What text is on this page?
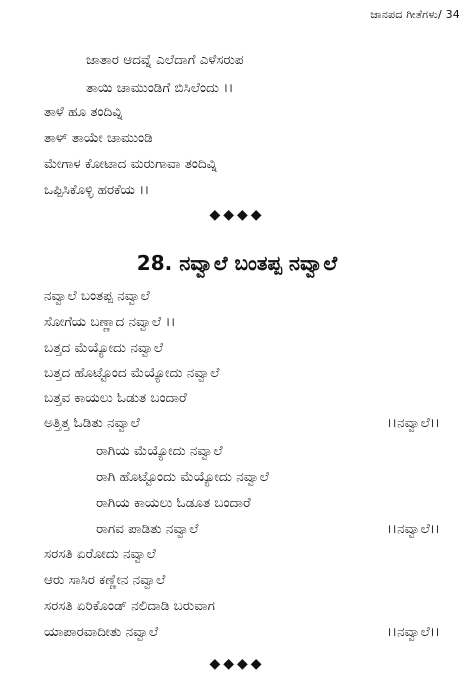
ಜಾನಪದ ಗೀತೆಗಳು/ 34
ಜಾತಾರ ಆದವ್ನೆ ಎಲೆದಾಗೆ ಎಳೆಸರುಪ
ತಾಯಿ ಚಾಮುಂಡಿಗೆ ಬಿಸಿಲೆಂದು ।।
ತಾಳೆ ಹೂ ತಂದಿವ್ನಿ
ತಾಳ್ ತಾಯೇ ಚಾಮುಂಡಿ
ಮೇಗಾಳ ಕೋಟಾದ ಮರುಗಾವಾ ತಂದಿವ್ನಿ
ಒಪ್ಪಿಸಿಕೊಳ್ಳಿ ಹರಕೆಯ ।।
◆◆◆◆
28. ನವ್ವಾಲೆ ಬಂತಪ್ಪ ನವ್ವಾಲೆ
ನವ್ವಾಲೆ ಬಂತಪ್ಪ ನವ್ವಾಲೆ
ಸೋಗೆಯ ಬಣ್ಣಾದ ನವ್ವಾಲೆ ।।
ಬತ್ತದ ಮೆಯ್ಯೋದು ನವ್ವಾಲೆ
ಬತ್ತದ ಹೊಟ್ಟೊಂದ ಮೆಯ್ಯೋದು ನವ್ವಾಲೆ
ಬತ್ತವ ಕಾಯಲು ಓಡುತ ಬಂದಾರೆ
ಅತ್ತಿತ್ತ ಓಡಿತು ನವ್ವಾಲೆ	।।ನವ್ವಾಲೆ।।
ರಾಗಿಯ ಮೆಯ್ಯೋದು ನವ್ವಾಲೆ
ರಾಗಿ ಹೊಟ್ಟೊಂದು ಮೆಯ್ಯೋದು ನವ್ವಾಲೆ
ರಾಗಿಯ ಕಾಯಲು ಓಡೂತ ಬಂದಾರೆ
ರಾಗವ ಪಾಡಿತು ನವ್ವಾಲೆ	।।ನವ್ವಾಲೆ।।
ಸರಸತಿ ಏರೋದು ನವ್ವಾಲೆ
ಆರು ಸಾಸಿರ ಕಣ್ಣೇನ ನವ್ವಾಲೆ
ಸರಸತಿ ಏರಿಕೊಂಡ್ ನಲಿದಾಡಿ ಬರುವಾಗ
ಯಾಪಾರವಾದೀತು ನವ್ವಾಲೆ	।।ನವ್ವಾಲೆ।।
◆◆◆◆
